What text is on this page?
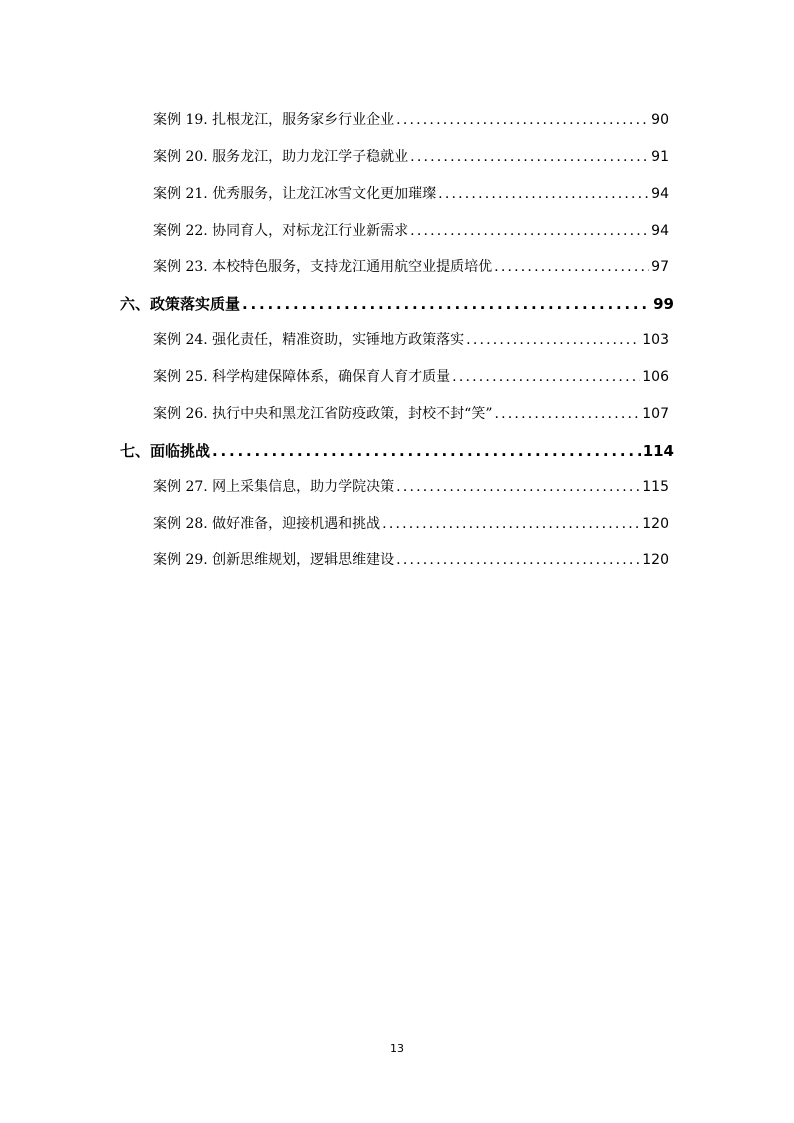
案例 19. 扎根龙江，服务家乡行业企业 .....	90
案例 20. 服务龙江，助力龙江学子稳就业 .....	91
案例 21. 优秀服务，让龙江冰雪文化更加璀璨 .....	94
案例 22. 协同育人，对标龙江行业新需求 .....	94
案例 23. 本校特色服务，支持龙江通用航空业提质培优 .....	97
六、政策落实质量 .....	99
案例 24. 强化责任，精准资助，实锤地方政策落实 .....	103
案例 25. 科学构建保障体系，确保育人育才质量 .....	106
案例 26. 执行中央和黑龙江省防疫政策，封校不封“笑” .....	107
七、面临挑战 .....	114
案例 27. 网上采集信息，助力学院决策 .....	115
案例 28. 做好准备，迎接机遇和挑战 .....	120
案例 29. 创新思维规划，逻辑思维建设 .....	120
13
